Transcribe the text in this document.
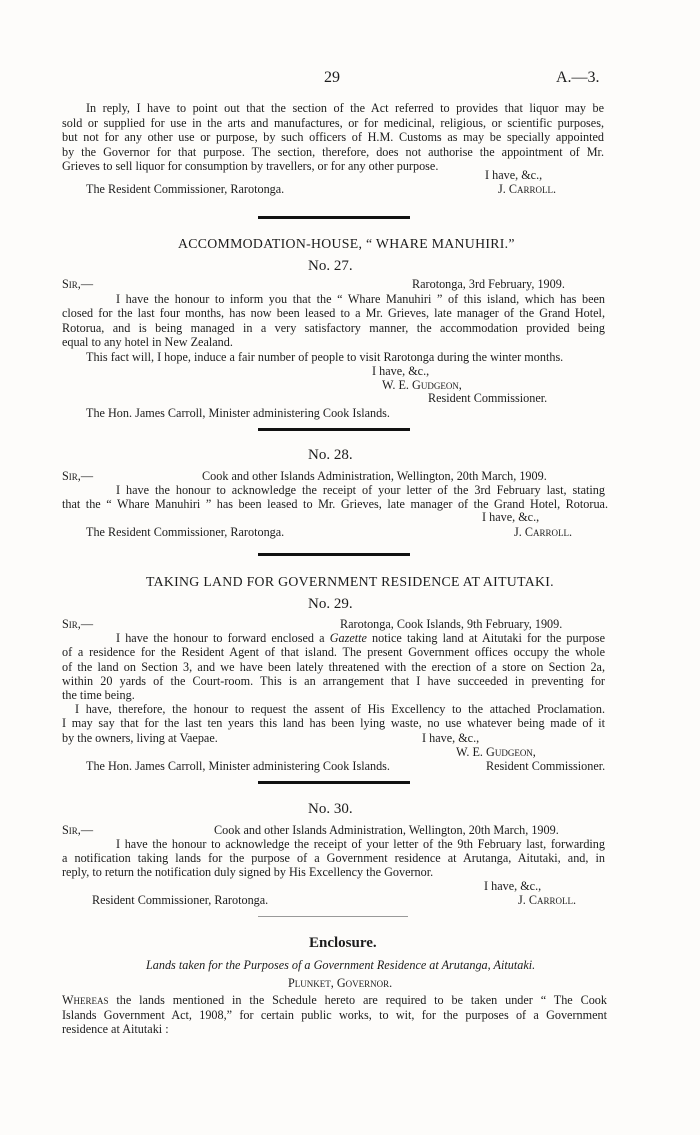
29	A.—3.
In reply, I have to point out that the section of the Act referred to provides that liquor may be
sold or supplied for use in the arts and manufactures, or for medicinal, religious, or scientific purposes,
but not for any other use or purpose, by such officers of H.M. Customs as may be specially appointed
by the Governor for that purpose. The section, therefore, does not authorise the appointment of Mr.
Grieves to sell liquor for consumption by travellers, or for any other purpose.
I have, &c.,
The Resident Commissioner, Rarotonga.	J. Carroll.
ACCOMMODATION-HOUSE, “ WHARE MANUHIRI.”
No. 27.
Sir,—	Rarotonga, 3rd February, 1909.
I have the honour to inform you that the “ Whare Manuhiri ” of this island, which has been
closed for the last four months, has now been leased to a Mr. Grieves, late manager of the Grand Hotel,
Rotorua, and is being managed in a very satisfactory manner, the accommodation provided being
equal to any hotel in New Zealand.
This fact will, I hope, induce a fair number of people to visit Rarotonga during the winter months.
I have, &c.,
W. E. Gudgeon,
Resident Commissioner.
The Hon. James Carroll, Minister administering Cook Islands.
No. 28.
Sir,—	Cook and other Islands Administration, Wellington, 20th March, 1909.
I have the honour to acknowledge the receipt of your letter of the 3rd February last, stating
that the “ Whare Manuhiri ” has been leased to Mr. Grieves, late manager of the Grand Hotel, Rotorua.
I have, &c.,
The Resident Commissioner, Rarotonga.	J. Carroll.
TAKING LAND FOR GOVERNMENT RESIDENCE AT AITUTAKI.
No. 29.
Sir,—	Rarotonga, Cook Islands, 9th February, 1909.
I have the honour to forward enclosed a Gazette notice taking land at Aitutaki for the purpose
of a residence for the Resident Agent of that island. The present Government offices occupy the whole
of the land on Section 3, and we have been lately threatened with the erection of a store on Section 2a,
within 20 yards of the Court-room. This is an arrangement that I have succeeded in preventing for
the time being.
I have, therefore, the honour to request the assent of His Excellency to the attached Proclamation.
I may say that for the last ten years this land has been lying waste, no use whatever being made of it
by the owners, living at Vaepae.	I have, &c.,
W. E. Gudgeon,
Resident Commissioner.
The Hon. James Carroll, Minister administering Cook Islands.
No. 30.
Sir,—	Cook and other Islands Administration, Wellington, 20th March, 1909.
I have the honour to acknowledge the receipt of your letter of the 9th February last, forwarding
a notification taking lands for the purpose of a Government residence at Arutanga, Aitutaki, and, in
reply, to return the notification duly signed by His Excellency the Governor.
I have, &c.,
Resident Commissioner, Rarotonga.	J. Carroll.
Enclosure.
Lands taken for the Purposes of a Government Residence at Arutanga, Aitutaki.
Plunket, Governor.
Whereas the lands mentioned in the Schedule hereto are required to be taken under “ The Cook
Islands Government Act, 1908,” for certain public works, to wit, for the purposes of a Government
residence at Aitutaki :
